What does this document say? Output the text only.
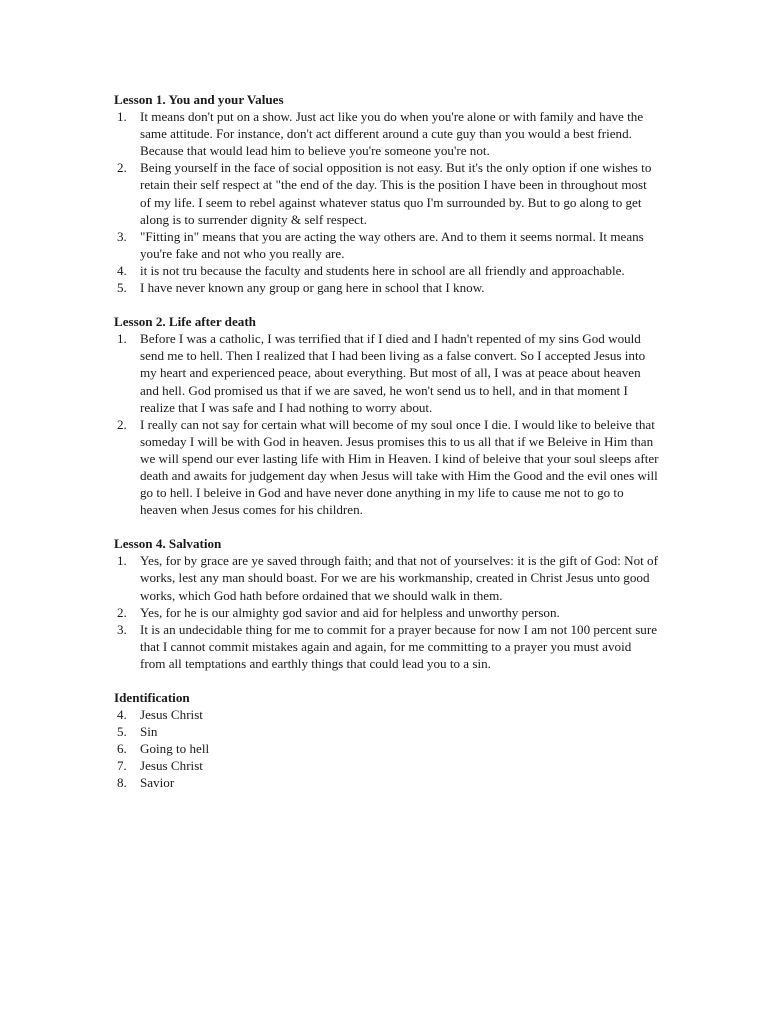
Lesson 1. You and your Values
1. It means don't put on a show. Just act like you do when you're alone or with family and have the same attitude. For instance, don't act different around a cute guy than you would a best friend. Because that would lead him to believe you're someone you're not.
2. Being yourself in the face of social opposition is not easy. But it's the only option if one wishes to retain their self respect at "the end of the day. This is the position I have been in throughout most of my life. I seem to rebel against whatever status quo I'm surrounded by. But to go along to get along is to surrender dignity & self respect.
3. "Fitting in" means that you are acting the way others are. And to them it seems normal. It means you're fake and not who you really are.
4. it is not tru because the faculty and students here in school are all friendly and approachable.
5. I have never known any group or gang here in school that I know.
Lesson 2. Life after death
1. Before I was a catholic, I was terrified that if I died and I hadn't repented of my sins God would send me to hell. Then I realized that I had been living as a false convert. So I accepted Jesus into my heart and experienced peace, about everything. But most of all, I was at peace about heaven and hell. God promised us that if we are saved, he won't send us to hell, and in that moment I realize that I was safe and I had nothing to worry about.
2. I really can not say for certain what will become of my soul once I die. I would like to beleive that someday I will be with God in heaven. Jesus promises this to us all that if we Beleive in Him than we will spend our ever lasting life with Him in Heaven. I kind of beleive that your soul sleeps after death and awaits for judgement day when Jesus will take with Him the Good and the evil ones will go to hell. I beleive in God and have never done anything in my life to cause me not to go to heaven when Jesus comes for his children.
Lesson 4. Salvation
1. Yes, for by grace are ye saved through faith; and that not of yourselves: it is the gift of God: Not of works, lest any man should boast. For we are his workmanship, created in Christ Jesus unto good works, which God hath before ordained that we should walk in them.
2. Yes, for he is our almighty god savior and aid for helpless and unworthy person.
3. It is an undecidable thing for me to commit for a prayer because for now I am not 100 percent sure that I cannot commit mistakes again and again, for me committing to a prayer you must avoid from all temptations and earthly things that could lead you to a sin.
Identification
4. Jesus Christ
5. Sin
6. Going to hell
7. Jesus Christ
8. Savior
